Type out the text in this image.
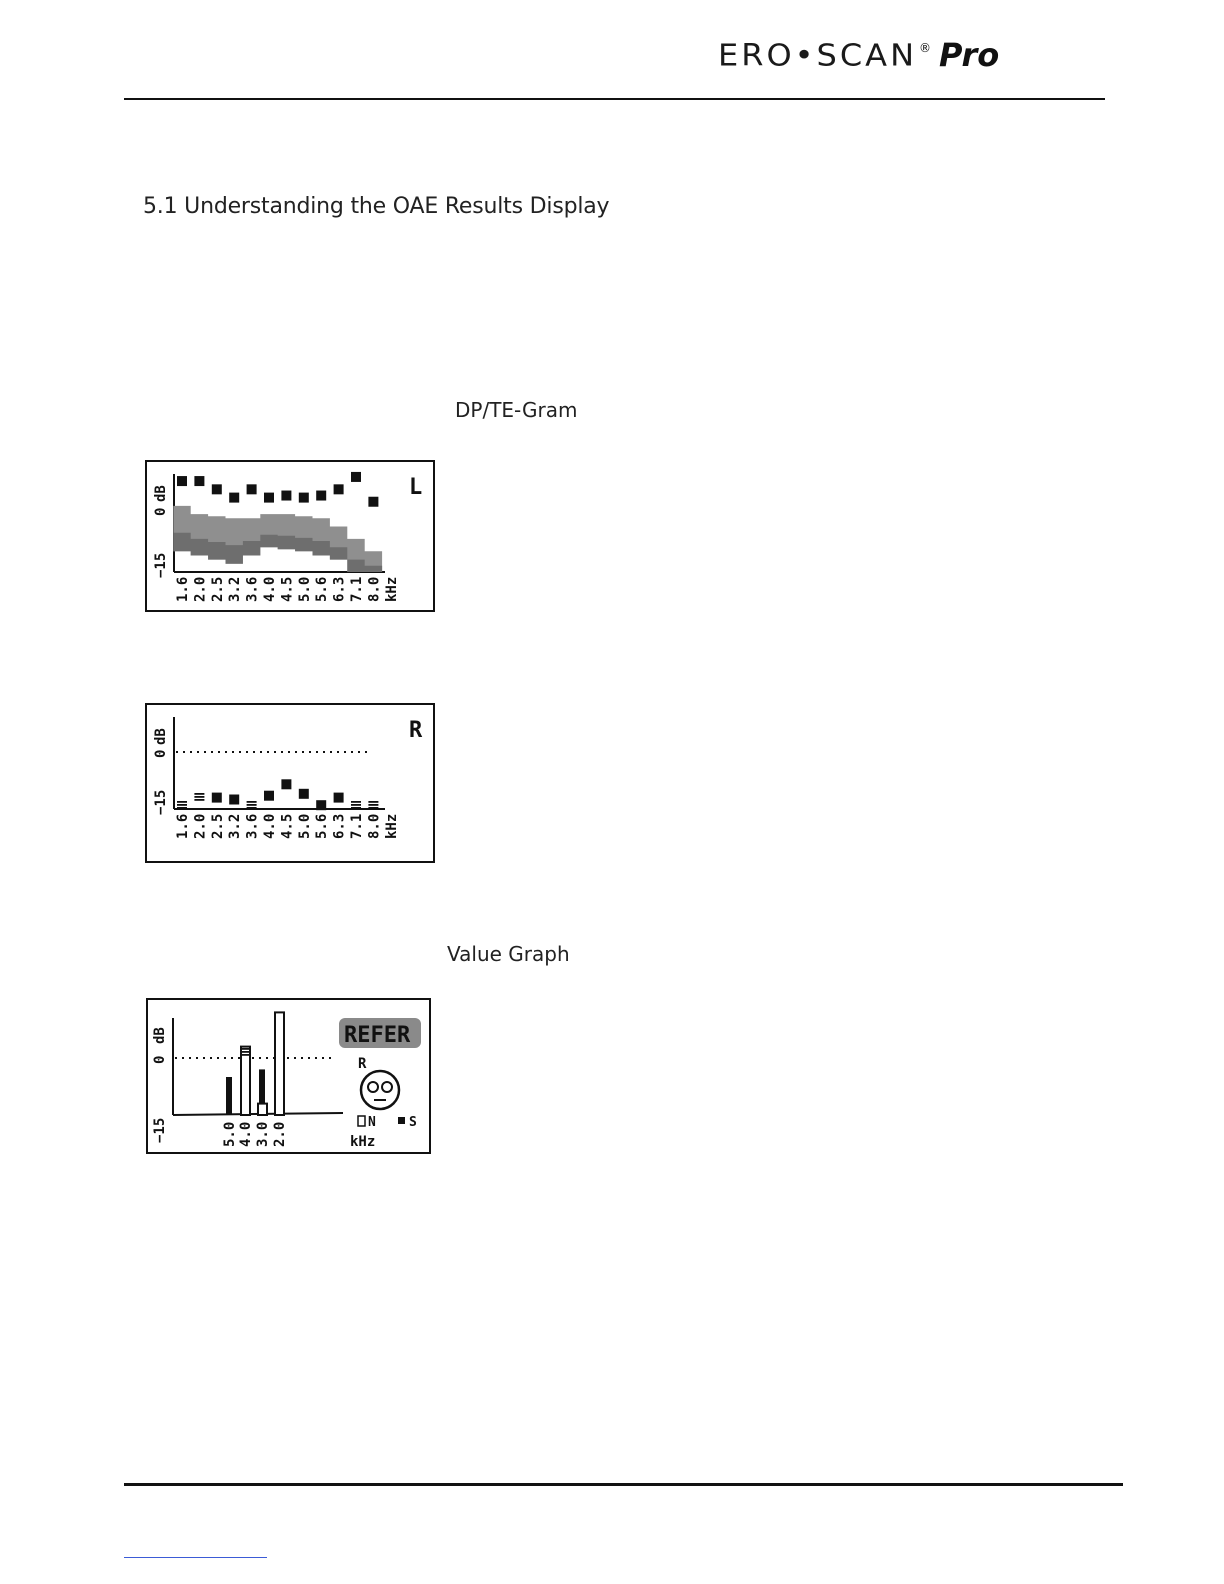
ERO•SCAN ® Pro
5.1 Understanding the OAE Results Display
DP/TE-Gram
dB
0
−15
1.6 2.0 2.5 3.2 3.6 4.0 4.5 5.0 5.6 6.3 7.1 8.0 kHz
L
dB
0
−15
1.6 2.0 2.5 3.2 3.6 4.0 4.5 5.0 5.6 6.3 7.1 8.0 kHz
R
Value Graph
dB
0
−15	5.0 4.0 3.0 2.0
REFER
R
N	S
kHz
